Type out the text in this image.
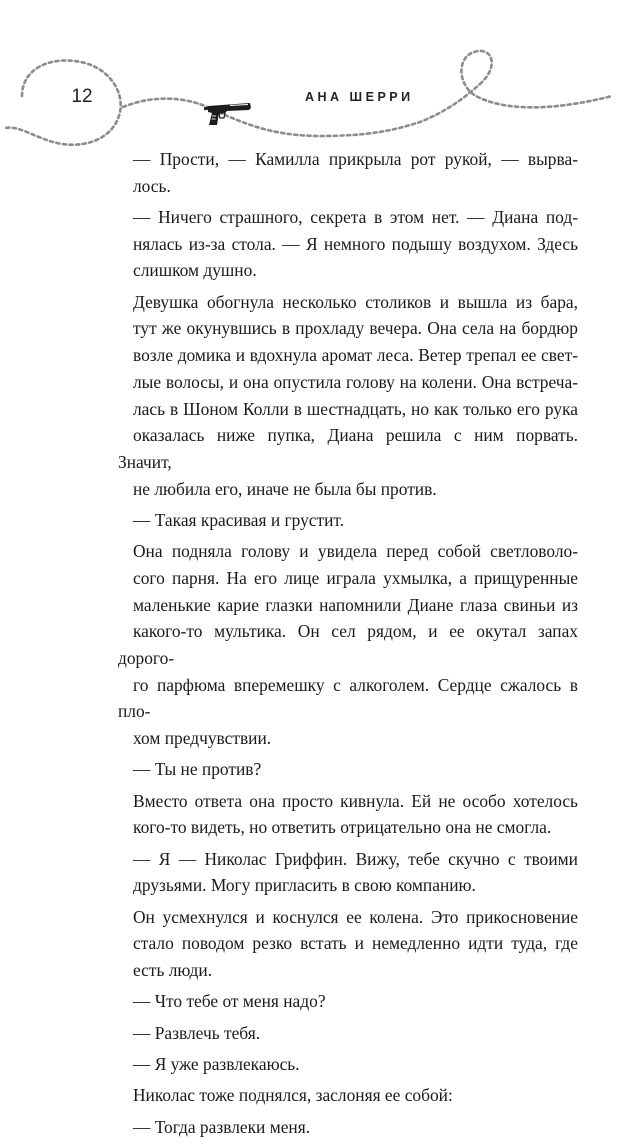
12	АНА ШЕРРИ

— Прости, — Камилла прикрыла рот рукой, — вырва-
лось.

— Ничего страшного, секрета в этом нет. — Диана под-
нялась из-за стола. — Я немного подышу воздухом. Здесь
слишком душно.

Девушка обогнула несколько столиков и вышла из бара,
тут же окунувшись в прохладу вечера. Она села на бордюр
возле домика и вдохнула аромат леса. Ветер трепал ее свет-
лые волосы, и она опустила голову на колени. Она встреча-
лась в Шоном Колли в шестнадцать, но как только его рука
оказалась ниже пупка, Диана решила с ним порвать. Значит,
не любила его, иначе не была бы против.

— Такая красивая и грустит.

Она подняла голову и увидела перед собой светловоло-
сого парня. На его лице играла ухмылка, а прищуренные
маленькие карие глазки напомнили Диане глаза свиньи из
какого-то мультика. Он сел рядом, и ее окутал запах дорого-
го парфюма вперемешку с алкоголем. Сердце сжалось в пло-
хом предчувствии.

— Ты не против?

Вместо ответа она просто кивнула. Ей не особо хотелось
кого-то видеть, но ответить отрицательно она не смогла.

— Я — Николас Гриффин. Вижу, тебе скучно с твоими
друзьями. Могу пригласить в свою компанию.

Он усмехнулся и коснулся ее колена. Это прикосновение
стало поводом резко встать и немедленно идти туда, где
есть люди.

— Что тебе от меня надо?

— Развлечь тебя.

— Я уже развлекаюсь.

Николас тоже поднялся, заслоняя ее собой:

— Тогда развлеки меня.
